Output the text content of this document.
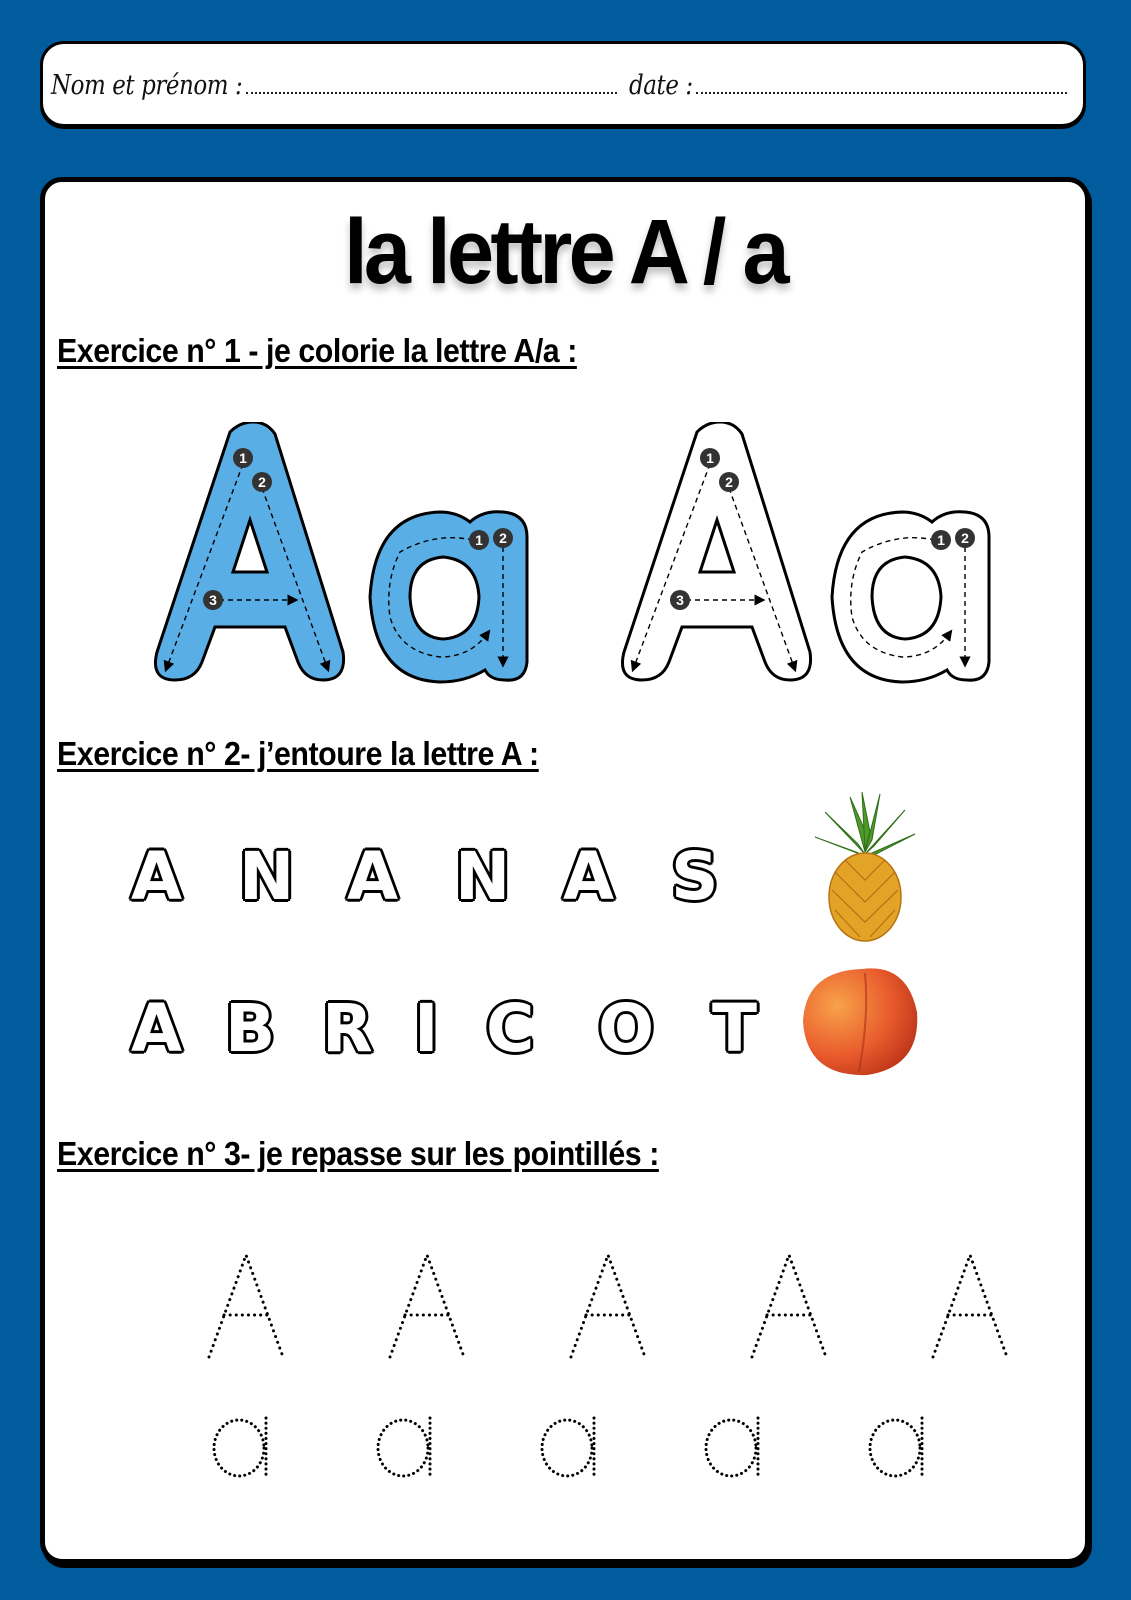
Nom et prénom :	date :
la lettre A / a
Exercice n° 1 - je colorie la lettre A/a :
1
2
3
1 2
1
2
3
1 2
Exercice n° 2- j’entoure la lettre A :
A N A N A S
A B R I C O T
Exercice n° 3- je repasse sur les pointillés :
